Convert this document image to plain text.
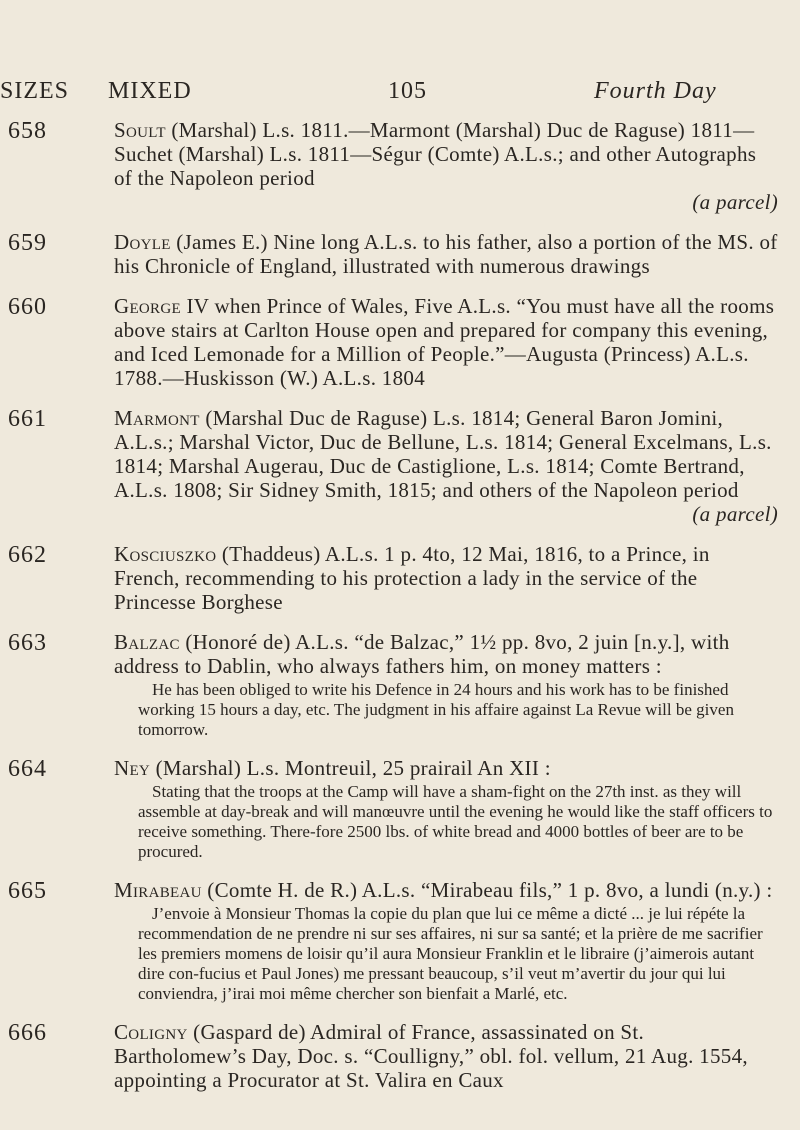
SIZES MIXED	105	Fourth Day
658	Soult (Marshal) L.s. 1811.—Marmont (Marshal) Duc de Raguse) 1811—Suchet (Marshal) L.s. 1811—Ségur (Comte) A.L.s.; and other Autographs of the Napoleon period
(a parcel)
659	Doyle (James E.) Nine long A.L.s. to his father, also a portion of the MS. of his Chronicle of England, illustrated with numerous drawings
660	George IV when Prince of Wales, Five A.L.s. “You must have all the rooms above stairs at Carlton House open and prepared for company this evening, and Iced Lemonade for a Million of People.”—Augusta (Princess) A.L.s. 1788.—Huskisson (W.) A.L.s. 1804
661	Marmont (Marshal Duc de Raguse) L.s. 1814; General Baron Jomini, A.L.s.; Marshal Victor, Duc de Bellune, L.s. 1814; General Excelmans, L.s. 1814; Marshal Augerau, Duc de Castiglione, L.s. 1814; Comte Bertrand, A.L.s. 1808; Sir Sidney Smith, 1815; and others of the Napoleon period
(a parcel)
662	Kosciuszko (Thaddeus) A.L.s. 1 p. 4to, 12 Mai, 1816, to a Prince, in French, recommending to his protection a lady in the service of the Princesse Borghese
663	Balzac (Honoré de) A.L.s. “de Balzac,” 1½ pp. 8vo, 2 juin [n.y.], with address to Dablin, who always fathers him, on money matters :
He has been obliged to write his Defence in 24 hours and his work has to be finished working 15 hours a day, etc. The judgment in his affaire against La Revue will be given tomorrow.
664	Ney (Marshal) L.s. Montreuil, 25 prairail An XII :
Stating that the troops at the Camp will have a sham-fight on the 27th inst. as they will assemble at day-break and will manœuvre until the evening he would like the staff officers to receive something. There-fore 2500 lbs. of white bread and 4000 bottles of beer are to be procured.
665	Mirabeau (Comte H. de R.) A.L.s. “Mirabeau fils,” 1 p. 8vo, a lundi (n.y.) :
J’envoie à Monsieur Thomas la copie du plan que lui ce même a dicté ... je lui répéte la recommendation de ne prendre ni sur ses affaires, ni sur sa santé; et la prière de me sacrifier les premiers momens de loisir qu’il aura Monsieur Franklin et le libraire (j’aimerois autant dire con-fucius et Paul Jones) me pressant beaucoup, s’il veut m’avertir du jour qui lui conviendra, j’irai moi même chercher son bienfait a Marlé, etc.
666	Coligny (Gaspard de) Admiral of France, assassinated on St. Bartholomew’s Day, Doc. s. “Coulligny,” obl. fol. vellum, 21 Aug. 1554, appointing a Procurator at St. Valira en Caux
